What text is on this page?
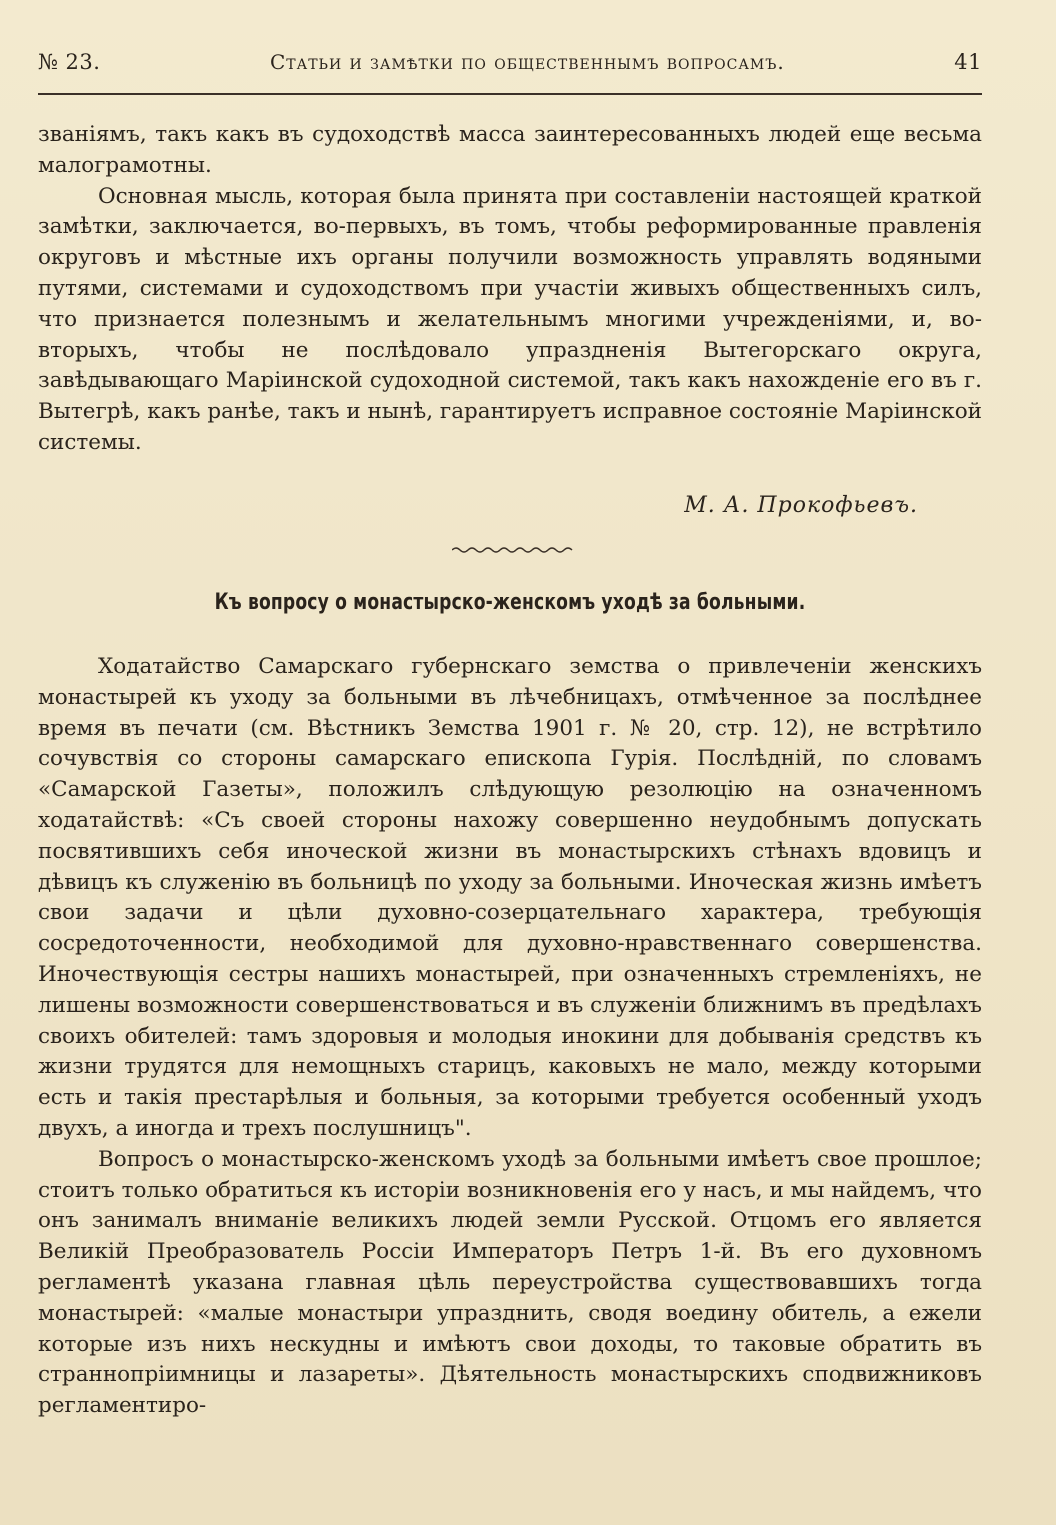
№ 23.	Статьи и замѣтки по общественнымъ вопросамъ.	41

званіямъ, такъ какъ въ судоходствѣ масса заинтересованныхъ людей еще весьма малограмотны.

Основная мысль, которая была принята при составленіи настоящей краткой замѣтки, заключается, во-первыхъ, въ томъ, чтобы реформированные правленія округовъ и мѣстные ихъ органы получили возможность управлять водяными путями, системами и судоходствомъ при участіи живыхъ общественныхъ силъ, что признается полезнымъ и желательнымъ многими учрежденіями, и, во-вторыхъ, чтобы не послѣдовало упраздненія Вытегорскаго округа, завѣдывающаго Маріинской судоходной системой, такъ какъ нахожденіе его въ г. Вытегрѣ, какъ ранѣе, такъ и нынѣ, гарантируетъ исправное состояніе Маріинской системы.

М. А. Прокофьевъ.
Къ вопросу о монастырско-женскомъ уходѣ за больными.

Ходатайство Самарскаго губернскаго земства о привлеченіи женскихъ монастырей къ уходу за больными въ лѣчебницахъ, отмѣченное за послѣднее время въ печати (см. Вѣстникъ Земства 1901 г. № 20, стр. 12), не встрѣтило сочувствія со стороны самарскаго епископа Гурія. Послѣдній, по словамъ «Самарской Газеты», положилъ слѣдующую резолюцію на означенномъ ходатайствѣ: «Съ своей стороны нахожу совершенно неудобнымъ допускать посвятившихъ себя иноческой жизни въ монастырскихъ стѣнахъ вдовицъ и дѣвицъ къ служенію въ больницѣ по уходу за больными. Иноческая жизнь имѣетъ свои задачи и цѣли духовно-созерцательнаго характера, требующія сосредоточенности, необходимой для духовно-нравственнаго совершенства. Иночествующія сестры нашихъ монастырей, при означенныхъ стремленіяхъ, не лишены возможности совершенствоваться и въ служеніи ближнимъ въ предѣлахъ своихъ обителей: тамъ здоровыя и молодыя инокини для добыванія средствъ къ жизни трудятся для немощныхъ старицъ, каковыхъ не мало, между которыми есть и такія престарѣлыя и больныя, за которыми требуется особенный уходъ двухъ, а иногда и трехъ послушницъ".

Вопросъ о монастырско-женскомъ уходѣ за больными имѣетъ свое прошлое; стоитъ только обратиться къ исторіи возникновенія его у насъ, и мы найдемъ, что онъ занималъ вниманіе великихъ людей земли Русской. Отцомъ его является Великій Преобразователь Россіи Императоръ Петръ 1-й. Въ его духовномъ регламентѣ указана главная цѣль переустройства существовавшихъ тогда монастырей: «малые монастыри упразднить, сводя воедину обитель, а ежели которые изъ нихъ нескудны и имѣютъ свои доходы, то таковые обратить въ страннопріимницы и лазареты». Дѣятельность монастырскихъ сподвижниковъ регламентиро-
